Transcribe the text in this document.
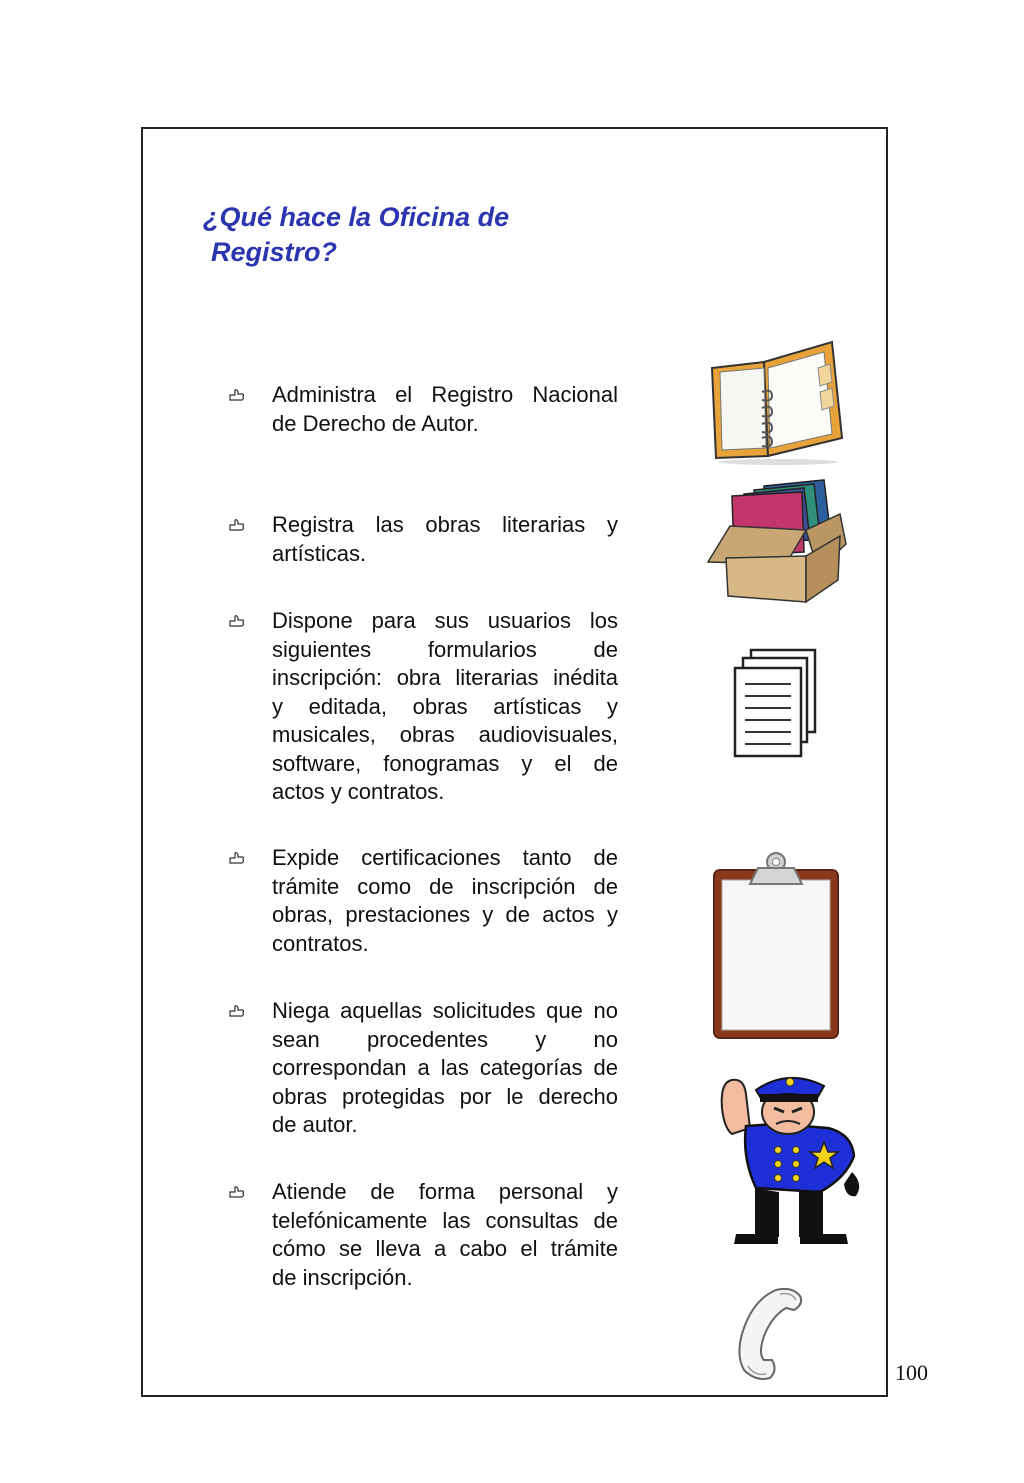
¿Qué hace la Oficina de
Registro?
Administra el Registro Nacional
de Derecho de Autor.
Registra las obras literarias y
artísticas.
Dispone para sus usuarios los
siguientes formularios de
inscripción: obra literarias inédita
y editada, obras artísticas y
musicales, obras audiovisuales,
software, fonogramas y el de
actos y contratos.
Expide certificaciones tanto de
trámite como de inscripción de
obras, prestaciones y de actos y
contratos.
Niega aquellas solicitudes que no
sean procedentes y no
correspondan a las categorías de
obras protegidas por le derecho
de autor.
Atiende de forma personal y
telefónicamente las consultas de
cómo se lleva a cabo el trámite
de inscripción.
100
